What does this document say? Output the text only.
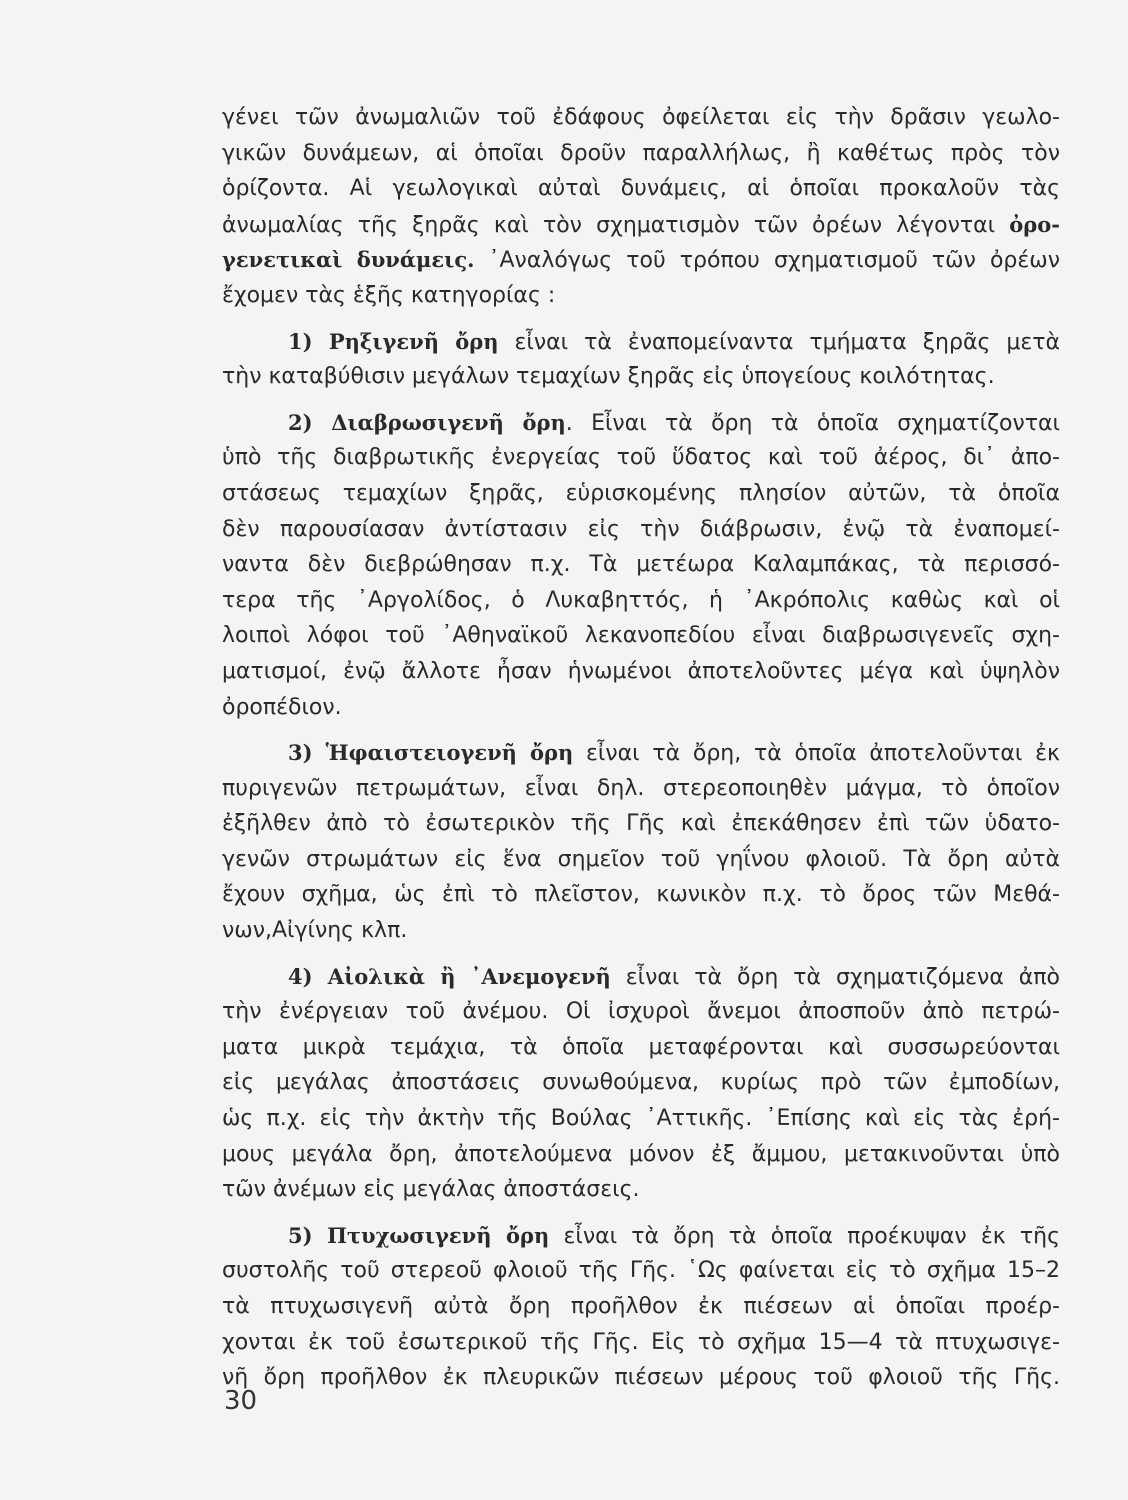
γένει τῶν ἀνωμαλιῶν τοῦ ἐδάφους ὀφείλεται εἰς τὴν δρᾶσιν γεωλο-
γικῶν δυνάμεων, αἱ ὁποῖαι δροῦν παραλλήλως, ἢ καθέτως πρὸς τὸν
ὁρίζοντα. Αἱ γεωλογικαὶ αὐταὶ δυνάμεις, αἱ ὁποῖαι προκαλοῦν τὰς
ἀνωμαλίας τῆς ξηρᾶς καὶ τὸν σχηματισμὸν τῶν ὀρέων λέγονται ὀρο-
γενετικαὶ δυνάμεις. ᾿Αναλόγως τοῦ τρόπου σχηματισμοῦ τῶν ὀρέων
ἔχομεν τὰς ἑξῆς κατηγορίας :
1) Ρηξιγενῆ ὄρη εἶναι τὰ ἐναπομείναντα τμήματα ξηρᾶς μετὰ
τὴν καταβύθισιν μεγάλων τεμαχίων ξηρᾶς εἰς ὑπογείους κοιλότητας.
2) Διαβρωσιγενῆ ὄρη. Εἶναι τὰ ὄρη τὰ ὁποῖα σχηματίζονται
ὑπὸ τῆς διαβρωτικῆς ἐνεργείας τοῦ ὕδατος καὶ τοῦ ἀέρος, δι᾿ ἀπο-
στάσεως τεμαχίων ξηρᾶς, εὑρισκομένης πλησίον αὐτῶν, τὰ ὁποῖα
δὲν παρουσίασαν ἀντίστασιν εἰς τὴν διάβρωσιν, ἐνῷ τὰ ἐναπομεί-
ναντα δὲν διεβρώθησαν π.χ. Τὰ μετέωρα Καλαμπάκας, τὰ περισσό-
τερα τῆς ᾿Αργολίδος, ὁ Λυκαβηττός, ἡ ᾿Ακρόπολις καθὼς καὶ οἱ
λοιποὶ λόφοι τοῦ ᾿Αθηναϊκοῦ λεκανοπεδίου εἶναι διαβρωσιγενεῖς σχη-
ματισμοί, ἐνῷ ἄλλοτε ἦσαν ἡνωμένοι ἀποτελοῦντες μέγα καὶ ὑψηλὸν
ὀροπέδιον.
3) Ἡφαιστειογενῆ ὄρη εἶναι τὰ ὄρη, τὰ ὁποῖα ἀποτελοῦνται ἐκ
πυριγενῶν πετρωμάτων, εἶναι δηλ. στερεοποιηθὲν μάγμα, τὸ ὁποῖον
ἐξῆλθεν ἀπὸ τὸ ἐσωτερικὸν τῆς Γῆς καὶ ἐπεκάθησεν ἐπὶ τῶν ὑδατο-
γενῶν στρωμάτων εἰς ἕνα σημεῖον τοῦ γηΐνου φλοιοῦ. Τὰ ὄρη αὐτὰ
ἔχουν σχῆμα, ὡς ἐπὶ τὸ πλεῖστον, κωνικὸν π.χ. τὸ ὄρος τῶν Μεθά-
νων,Αἰγίνης κλπ.
4) Αἰολικὰ ἢ ᾿Ανεμογενῆ εἶναι τὰ ὄρη τὰ σχηματιζόμενα ἀπὸ
τὴν ἐνέργειαν τοῦ ἀνέμου. Οἱ ἰσχυροὶ ἄνεμοι ἀποσποῦν ἀπὸ πετρώ-
ματα μικρὰ τεμάχια, τὰ ὁποῖα μεταφέρονται καὶ συσσωρεύονται
εἰς μεγάλας ἀποστάσεις συνωθούμενα, κυρίως πρὸ τῶν ἐμποδίων,
ὡς π.χ. εἰς τὴν ἀκτὴν τῆς Βούλας ᾿Αττικῆς. ᾿Επίσης καὶ εἰς τὰς ἐρή-
μους μεγάλα ὄρη, ἀποτελούμενα μόνον ἐξ ἄμμου, μετακινοῦνται ὑπὸ
τῶν ἀνέμων εἰς μεγάλας ἀποστάσεις.
5) Πτυχωσιγενῆ ὄρη εἶναι τὰ ὄρη τὰ ὁποῖα προέκυψαν ἐκ τῆς
συστολῆς τοῦ στερεοῦ φλοιοῦ τῆς Γῆς. ῾Ως φαίνεται εἰς τὸ σχῆμα 15–2
τὰ πτυχωσιγενῆ αὐτὰ ὄρη προῆλθον ἐκ πιέσεων αἱ ὁποῖαι προέρ-
χονται ἐκ τοῦ ἐσωτερικοῦ τῆς Γῆς. Εἰς τὸ σχῆμα 15—4 τὰ πτυχωσιγε-
νῆ ὄρη προῆλθον ἐκ πλευρικῶν πιέσεων μέρους τοῦ φλοιοῦ τῆς Γῆς.
30
